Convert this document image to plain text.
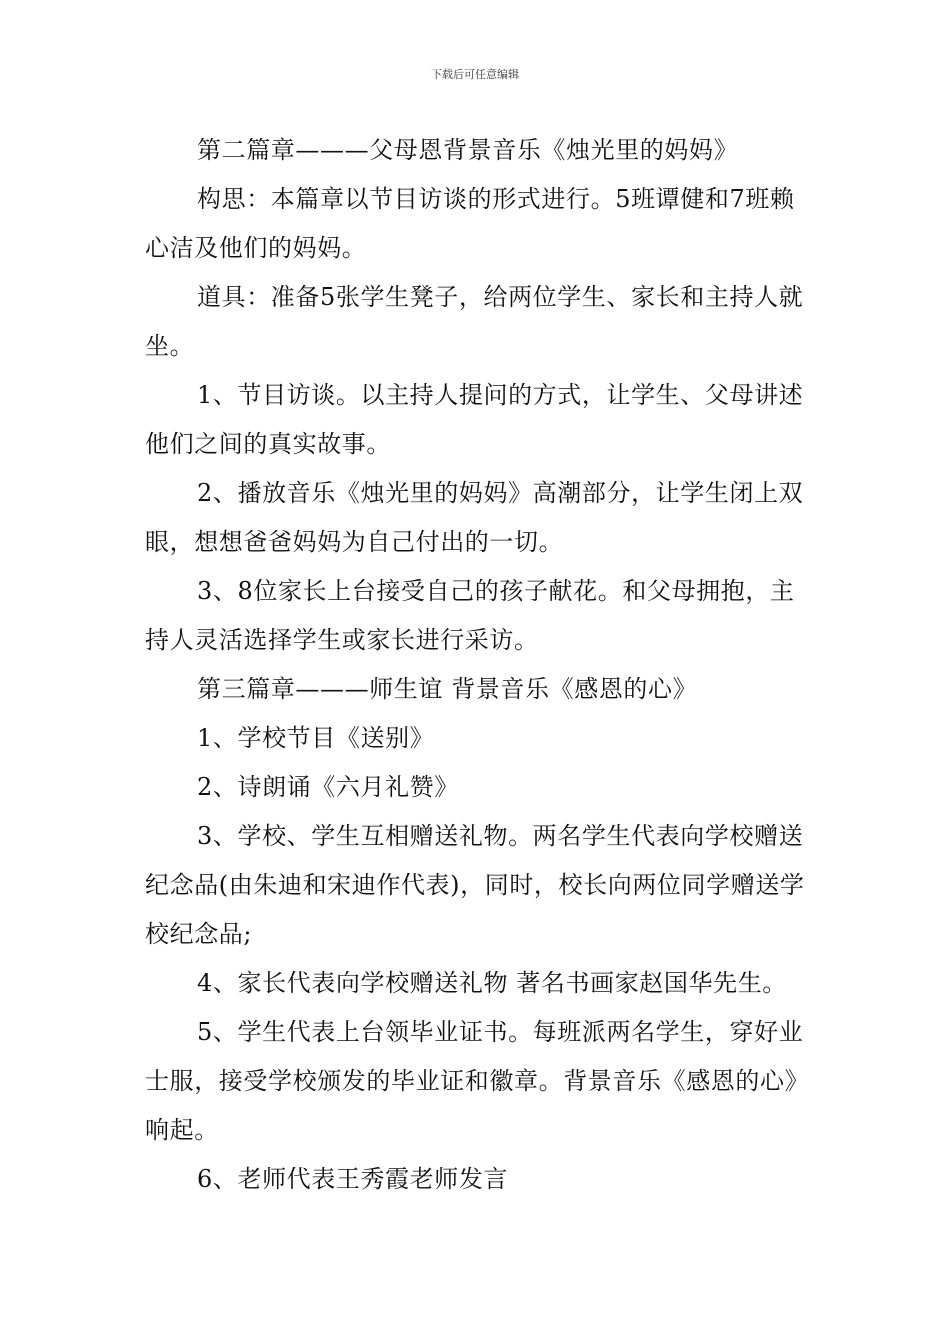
下载后可任意编辑

第二篇章———父母恩背景音乐《烛光里的妈妈》

构思：本篇章以节目访谈的形式进行。5班谭健和7班赖心洁及他们的妈妈。

道具：准备5张学生凳子，给两位学生、家长和主持人就坐。

1、节目访谈。以主持人提问的方式，让学生、父母讲述他们之间的真实故事。

2、播放音乐《烛光里的妈妈》高潮部分，让学生闭上双眼，想想爸爸妈妈为自己付出的一切。

3、8位家长上台接受自己的孩子献花。和父母拥抱，主持人灵活选择学生或家长进行采访。

第三篇章———师生谊 背景音乐《感恩的心》

1、学校节目《送别》

2、诗朗诵《六月礼赞》

3、学校、学生互相赠送礼物。两名学生代表向学校赠送纪念品(由朱迪和宋迪作代表)，同时，校长向两位同学赠送学校纪念品;

4、家长代表向学校赠送礼物 著名书画家赵国华先生。

5、学生代表上台领毕业证书。每班派两名学生，穿好业士服，接受学校颁发的毕业证和徽章。背景音乐《感恩的心》响起。

6、老师代表王秀霞老师发言
